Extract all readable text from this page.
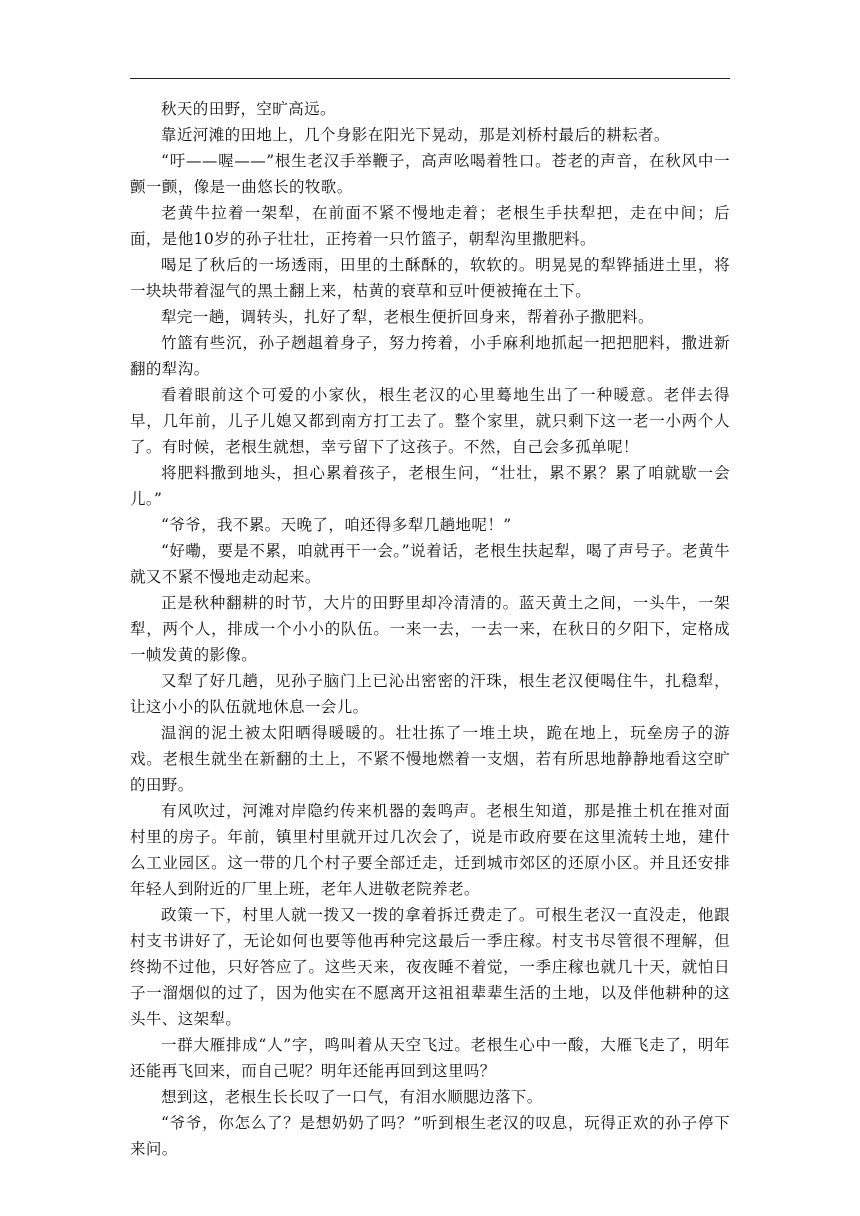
秋天的田野，空旷高远。

靠近河滩的田地上，几个身影在阳光下晃动，那是刘桥村最后的耕耘者。

“吁——喔——”根生老汉手举鞭子，高声吆喝着牲口。苍老的声音，在秋风中一颤一颤，像是一曲悠长的牧歌。

老黄牛拉着一架犁，在前面不紧不慢地走着；老根生手扶犁把，走在中间；后面，是他10岁的孙子壮壮，正挎着一只竹篮子，朝犁沟里撒肥料。

喝足了秋后的一场透雨，田里的土酥酥的，软软的。明晃晃的犁铧插进土里，将一块块带着湿气的黑土翻上来，枯黄的衰草和豆叶便被掩在土下。

犁完一趟，调转头，扎好了犁，老根生便折回身来，帮着孙子撒肥料。

竹篮有些沉，孙子趔趄着身子，努力挎着，小手麻利地抓起一把把肥料，撒进新翻的犁沟。

看着眼前这个可爱的小家伙，根生老汉的心里蓦地生出了一种暖意。老伴去得早，几年前，儿子儿媳又都到南方打工去了。整个家里，就只剩下这一老一小两个人了。有时候，老根生就想，幸亏留下了这孩子。不然，自己会多孤单呢！

将肥料撒到地头，担心累着孩子，老根生问，“壮壮，累不累？累了咱就歇一会儿。”

“爷爷，我不累。天晚了，咱还得多犁几趟地呢！”

“好嘞，要是不累，咱就再干一会。”说着话，老根生扶起犁，喝了声号子。老黄牛就又不紧不慢地走动起来。

正是秋种翻耕的时节，大片的田野里却冷清清的。蓝天黄土之间，一头牛，一架犁，两个人，排成一个小小的队伍。一来一去，一去一来，在秋日的夕阳下，定格成一帧发黄的影像。

又犁了好几趟，见孙子脑门上已沁出密密的汗珠，根生老汉便喝住牛，扎稳犁，让这小小的队伍就地休息一会儿。

温润的泥土被太阳晒得暖暖的。壮壮拣了一堆土块，跪在地上，玩垒房子的游戏。老根生就坐在新翻的土上，不紧不慢地燃着一支烟，若有所思地静静地看这空旷的田野。

有风吹过，河滩对岸隐约传来机器的轰鸣声。老根生知道，那是推土机在推对面村里的房子。年前，镇里村里就开过几次会了，说是市政府要在这里流转土地，建什么工业园区。这一带的几个村子要全部迁走，迁到城市郊区的还原小区。并且还安排年轻人到附近的厂里上班，老年人进敬老院养老。

政策一下，村里人就一拨又一拨的拿着拆迁费走了。可根生老汉一直没走，他跟村支书讲好了，无论如何也要等他再种完这最后一季庄稼。村支书尽管很不理解，但终拗不过他，只好答应了。这些天来，夜夜睡不着觉，一季庄稼也就几十天，就怕日子一溜烟似的过了，因为他实在不愿离开这祖祖辈辈生活的土地，以及伴他耕种的这头牛、这架犁。

一群大雁排成“人”字，鸣叫着从天空飞过。老根生心中一酸，大雁飞走了，明年还能再飞回来，而自己呢？明年还能再回到这里吗？

想到这，老根生长长叹了一口气，有泪水顺腮边落下。

“爷爷，你怎么了？是想奶奶了吗？”听到根生老汉的叹息，玩得正欢的孙子停下来问。
